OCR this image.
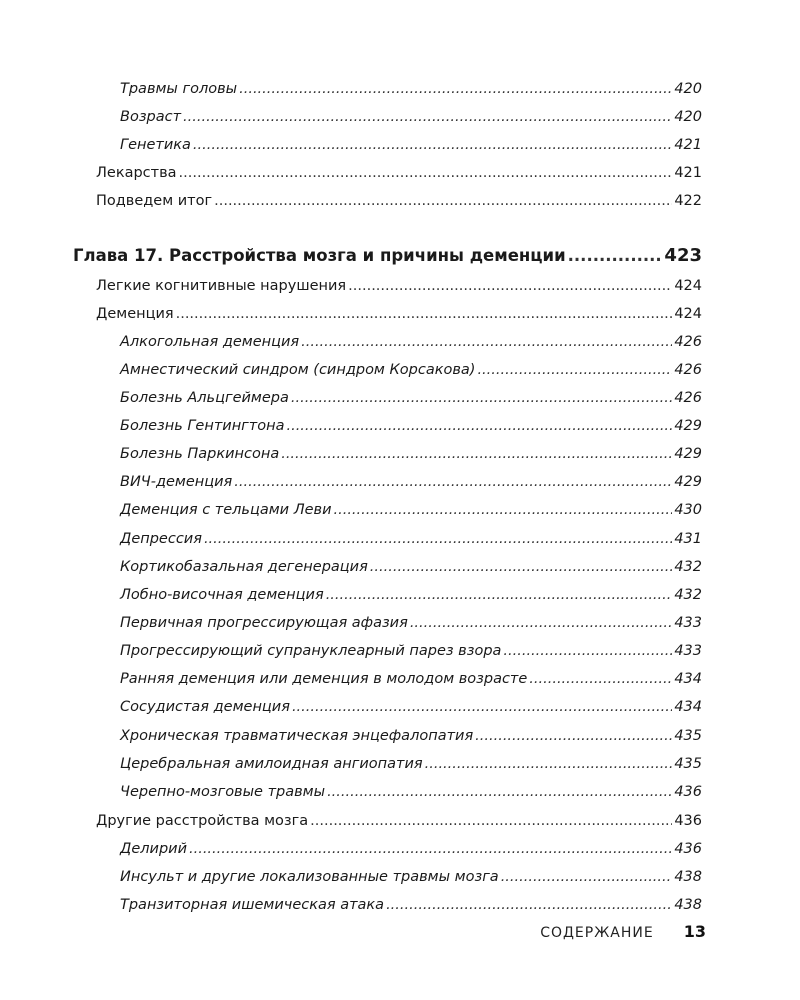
Травмы головы .....	420
Возраст .....	420
Генетика .....	421
Лекарства .....	421
Подведем итог .....	422
Глава 17. Расстройства мозга и причины деменции .....	423
Легкие когнитивные нарушения .....	424
Деменция .....	424
Алкогольная деменция .....	426
Амнестический синдром (синдром Корсакова) .....	426
Болезнь Альцгеймера .....	426
Болезнь Гентингтона .....	429
Болезнь Паркинсона .....	429
ВИЧ-деменция .....	429
Деменция с тельцами Леви .....	430
Депрессия .....	431
Кортикобазальная дегенерация .....	432
Лобно-височная деменция .....	432
Первичная прогрессирующая афазия .....	433
Прогрессирующий супрануклеарный парез взора .....	433
Ранняя деменция или деменция в молодом возрасте .....	434
Сосудистая деменция .....	434
Хроническая травматическая энцефалопатия .....	435
Церебральная амилоидная ангиопатия .....	435
Черепно-мозговые травмы .....	436
Другие расстройства мозга .....	436
Делирий .....	436
Инсульт и другие локализованные травмы мозга .....	438
Транзиторная ишемическая атака .....	438
СОДЕРЖАНИЕ 13
